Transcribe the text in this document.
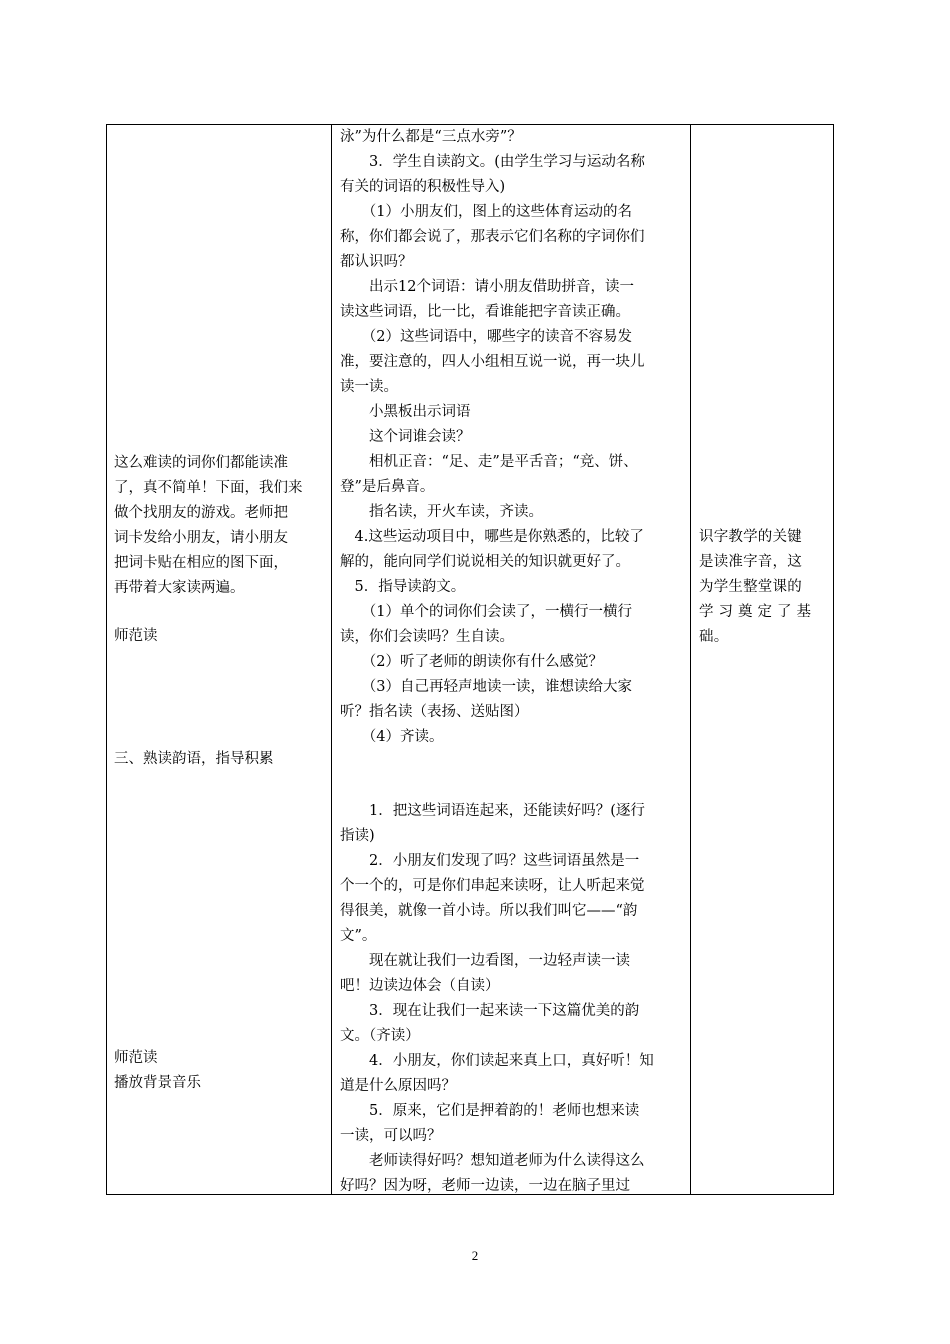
这么难读的词你们都能读准
了，真不简单！下面，我们来
做个找朋友的游戏。老师把
词卡发给小朋友，请小朋友
把词卡贴在相应的图下面，
再带着大家读两遍。
师范读
三、熟读韵语，指导积累
师范读
播放背景音乐
泳”为什么都是“三点水旁”？
　　3．学生自读韵文。(由学生学习与运动名称
有关的词语的积极性导入)
　　（1）小朋友们，图上的这些体育运动的名
称，你们都会说了，那表示它们名称的字词你们
都认识吗？
　　出示12个词语：请小朋友借助拼音，读一
读这些词语，比一比，看谁能把字音读正确。
　　（2）这些词语中，哪些字的读音不容易发
准，要注意的，四人小组相互说一说，再一块儿
读一读。
　　小黑板出示词语
　　这个词谁会读？
　　相机正音：“足、走”是平舌音；“竞、饼、
登”是后鼻音。
　　指名读，开火车读，齐读。
　4.这些运动项目中，哪些是你熟悉的，比较了
解的，能向同学们说说相关的知识就更好了。
　5．指导读韵文。
　　（1）单个的词你们会读了，一横行一横行
读，你们会读吗？生自读。
　　（2）听了老师的朗读你有什么感觉？
　　（3）自己再轻声地读一读，谁想读给大家
听？指名读（表扬、送贴图）
　　（4）齐读。
　　1．把这些词语连起来，还能读好吗？(逐行
指读)
　　2．小朋友们发现了吗？这些词语虽然是一
个一个的，可是你们串起来读呀，让人听起来觉
得很美，就像一首小诗。所以我们叫它——“韵
文”。
　　现在就让我们一边看图，一边轻声读一读
吧！边读边体会（自读）
　　3．现在让我们一起来读一下这篇优美的韵
文。（齐读）
　　4．小朋友，你们读起来真上口，真好听！知
道是什么原因吗？
　　5．原来，它们是押着韵的！老师也想来读
一读，可以吗？
　　老师读得好吗？想知道老师为什么读得这么
好吗？因为呀，老师一边读，一边在脑子里过
识字教学的关键
是读准字音，这
为学生整堂课的
学 习 奠 定 了 基
础。
2
